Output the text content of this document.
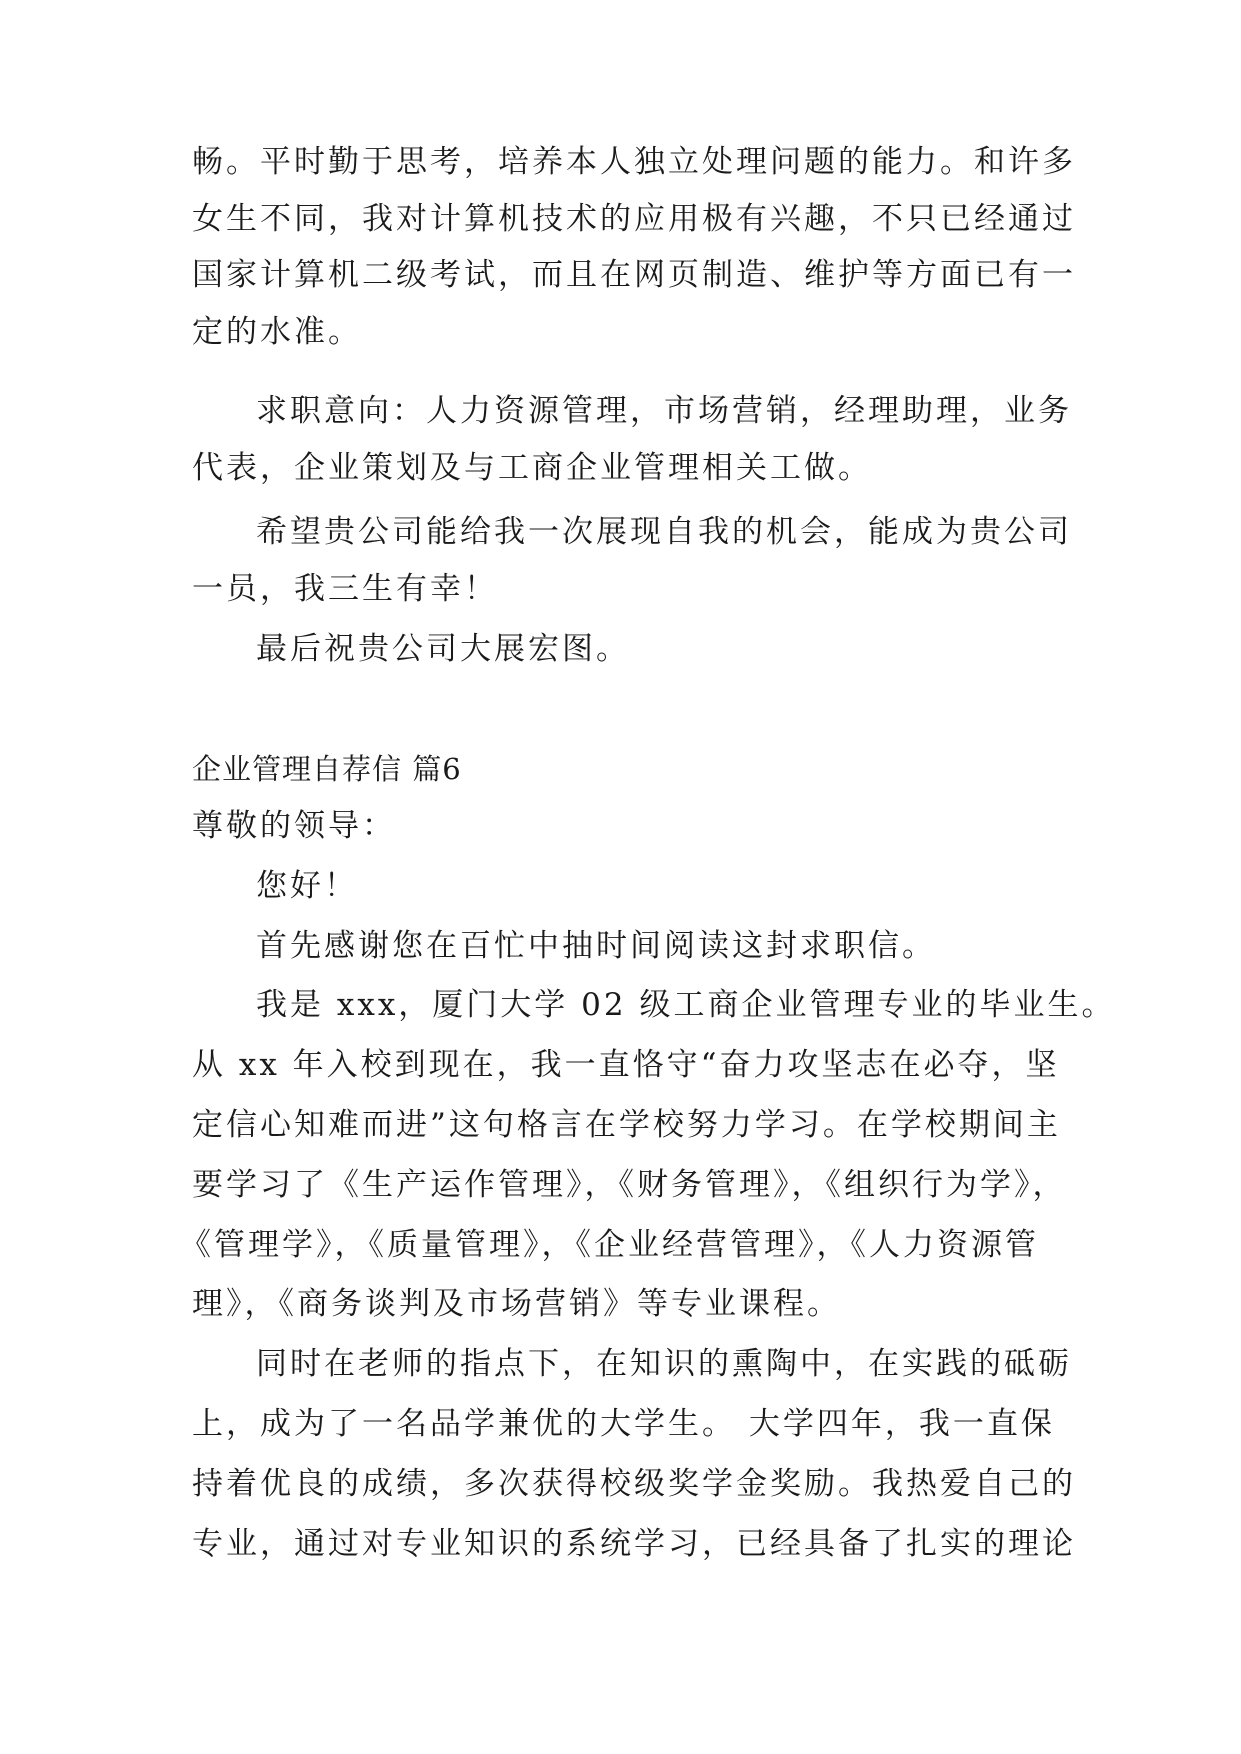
畅。平时勤于思考，培养本人独立处理问题的能力。和许多
女生不同，我对计算机技术的应用极有兴趣，不只已经通过
国家计算机二级考试，而且在网页制造、维护等方面已有一
定的水准。
求职意向：人力资源管理，市场营销，经理助理，业务
代表，企业策划及与工商企业管理相关工做。
希望贵公司能给我一次展现自我的机会，能成为贵公司
一员，我三生有幸！
最后祝贵公司大展宏图。
企业管理自荐信 篇6
尊敬的领导：
您好！
首先感谢您在百忙中抽时间阅读这封求职信。
我是 xxx，厦门大学 02 级工商企业管理专业的毕业生。
从 xx 年入校到现在，我一直恪守“奋力攻坚志在必夺，坚
定信心知难而进”这句格言在学校努力学习。在学校期间主
要学习了《生产运作管理》，《财务管理》，《组织行为学》，
《管理学》，《质量管理》，《企业经营管理》，《人力资源管
理》，《商务谈判及市场营销》等专业课程。
同时在老师的指点下，在知识的熏陶中，在实践的砥砺
上，成为了一名品学兼优的大学生。 大学四年，我一直保
持着优良的成绩，多次获得校级奖学金奖励。我热爱自己的
专业，通过对专业知识的系统学习，已经具备了扎实的理论
